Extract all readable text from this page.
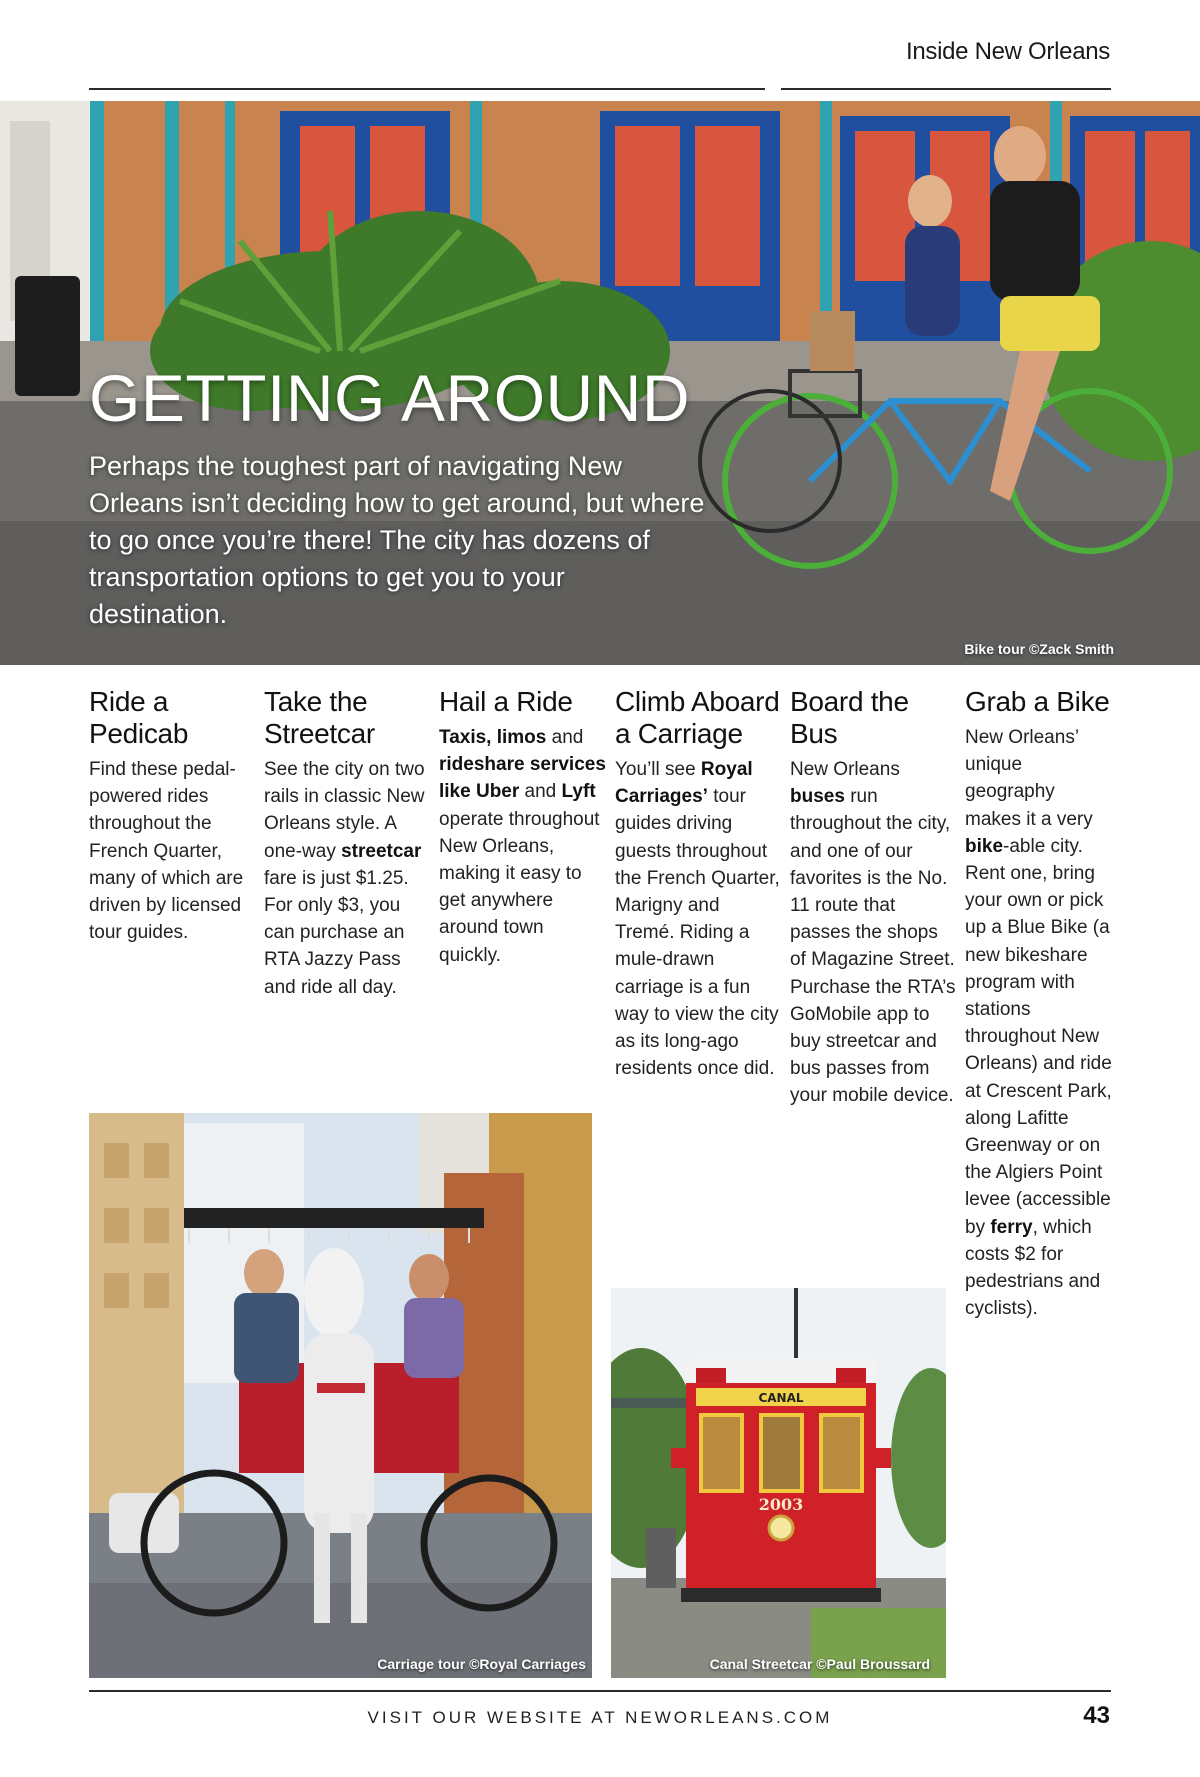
Inside New Orleans
GETTING AROUND
Perhaps the toughest part of navigating New Orleans isn’t deciding how to get around, but where to go once you’re there! The city has dozens of transportation options to get you to your destination.
Bike tour ©Zack Smith
Ride a Pedicab

Find these pedal-powered rides throughout the French Quarter, many of which are driven by licensed tour guides.

Take the Streetcar

See the city on two rails in classic New Orleans style. A one-way streetcar fare is just $1.25. For only $3, you can purchase an RTA Jazzy Pass and ride all day.

Hail a Ride

Taxis, limos and rideshare services like Uber and Lyft operate throughout New Orleans, making it easy to get anywhere around town quickly.

Climb Aboard a Carriage

You’ll see Royal Carriages’ tour guides driving guests throughout the French Quarter, Marigny and Tremé. Riding a mule-drawn carriage is a fun way to view the city as its long-ago residents once did.

Board the Bus

New Orleans buses run throughout the city, and one of our favorites is the No. 11 route that passes the shops of Magazine Street. Purchase the RTA’s GoMobile app to buy streetcar and bus passes from your mobile device.

Grab a Bike

New Orleans’ unique geography makes it a very bike-able city. Rent one, bring your own or pick up a Blue Bike (a new bikeshare program with stations throughout New Orleans) and ride at Crescent Park, along Lafitte Greenway or on the Algiers Point levee (accessible by ferry, which costs $2 for pedestrians and cyclists).

Carriage tour ©Royal Carriages
CANAL
2003
Canal Streetcar ©Paul Broussard
VISIT OUR WEBSITE AT NEWORLEANS.COM	43
